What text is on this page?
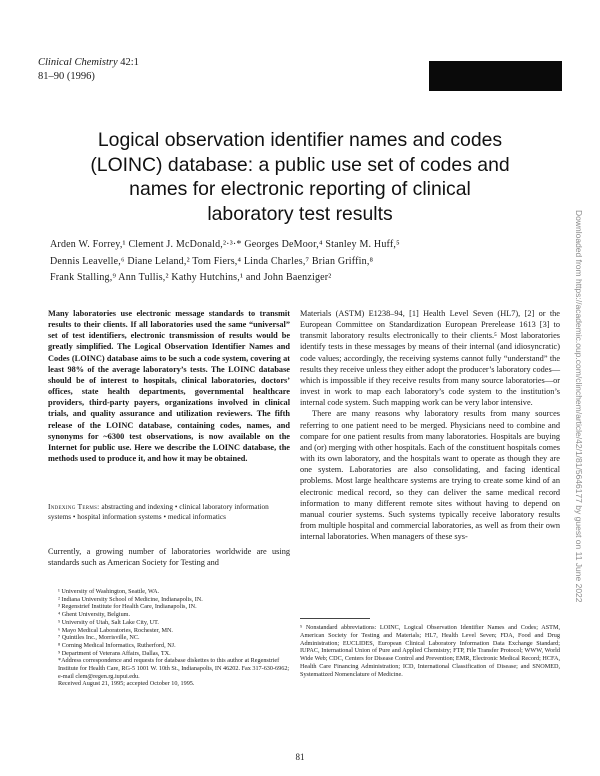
Clinical Chemistry 42:1
81–90 (1996)
Logical observation identifier names and codes
(LOINC) database: a public use set of codes and
names for electronic reporting of clinical
laboratory test results
Arden W. Forrey,¹ Clement J. McDonald,²·³·* Georges DeMoor,⁴ Stanley M. Huff,⁵
Dennis Leavelle,⁶ Diane Leland,² Tom Fiers,⁴ Linda Charles,⁷ Brian Griffin,⁸
Frank Stalling,⁹ Ann Tullis,² Kathy Hutchins,¹ and John Baenziger²	Downloaded from https://academic.oup.com/clinchem/article/42/1/81/5646177 by guest on 11 June 2022
Many laboratories use electronic message standards to transmit results to their clients. If all laboratories used the same “universal” set of test identifiers, electronic transmission of results would be greatly simplified. The Logical Observation Identifier Names and Codes (LOINC) database aims to be such a code system, covering at least 98% of the average laboratory’s tests. The LOINC database should be of interest to hospitals, clinical laboratories, doctors’ offices, state health departments, governmental healthcare providers, third-party payers, organizations involved in clinical trials, and quality assurance and utilization reviewers. The fifth release of the LOINC database, containing codes, names, and synonyms for ~6300 test observations, is now available on the Internet for public use. Here we describe the LOINC database, the methods used to produce it, and how it may be obtained.
Indexing Terms: abstracting and indexing • clinical laboratory information systems • hospital information systems • medical informatics
Currently, a growing number of laboratories worldwide are using standards such as American Society for Testing and
¹ University of Washington, Seattle, WA.
² Indiana University School of Medicine, Indianapolis, IN.
³ Regenstrief Institute for Health Care, Indianapolis, IN.
⁴ Ghent University, Belgium.
⁵ University of Utah, Salt Lake City, UT.
⁶ Mayo Medical Laboratories, Rochester, MN.
⁷ Quintiles Inc., Morrisville, NC.
⁸ Corning Medical Informatics, Rutherford, NJ.
⁹ Department of Veterans Affairs, Dallas, TX.
*Address correspondence and requests for database diskettes to this author at Regenstrief Institute for Health Care, RG-5 1001 W. 10th St., Indianapolis, IN 46202. Fax 317-630-6962; e-mail clem@regen.rg.iupui.edu.
Received August 21, 1995; accepted October 10, 1995.

Materials (ASTM) E1238–94, [1] Health Level Seven (HL7), [2] or the European Committee on Standardization European Prerelease 1613 [3] to transmit laboratory results electronically to their clients.⁵ Most laboratories identify tests in these messages by means of their internal (and idiosyncratic) code values; accordingly, the receiving systems cannot fully “understand” the results they receive unless they either adopt the producer’s laboratory codes—which is impossible if they receive results from many source laboratories—or invest in work to map each laboratory’s code system to the institution’s internal code system. Such mapping work can be very labor intensive.

There are many reasons why laboratory results from many sources referring to one patient need to be merged. Physicians need to combine and compare for one patient results from many laboratories. Hospitals are buying and (or) merging with other hospitals. Each of the constituent hospitals comes with its own laboratory, and the hospitals want to operate as though they are one system. Laboratories are also consolidating, and facing identical problems. Most large healthcare systems are trying to create some kind of an electronic medical record, so they can deliver the same medical record information to many different remote sites without having to depend on manual courier systems. Such systems typically receive laboratory results from multiple hospital and commercial laboratories, as well as from their own internal laboratories. When managers of these sys-

⁵ Nonstandard abbreviations: LOINC, Logical Observation Identifier Names and Codes; ASTM, American Society for Testing and Materials; HL7, Health Level Seven; FDA, Food and Drug Administration; EUCLIDES, European Clinical Laboratory Information Data Exchange Standard; IUPAC, International Union of Pure and Applied Chemistry; FTP, File Transfer Protocol; WWW, World Wide Web; CDC, Centers for Disease Control and Prevention; EMR, Electronic Medical Record; HCFA, Health Care Financing Administration; ICD, International Classification of Disease; and SNOMED, Systematized Nomenclature of Medicine.
81
